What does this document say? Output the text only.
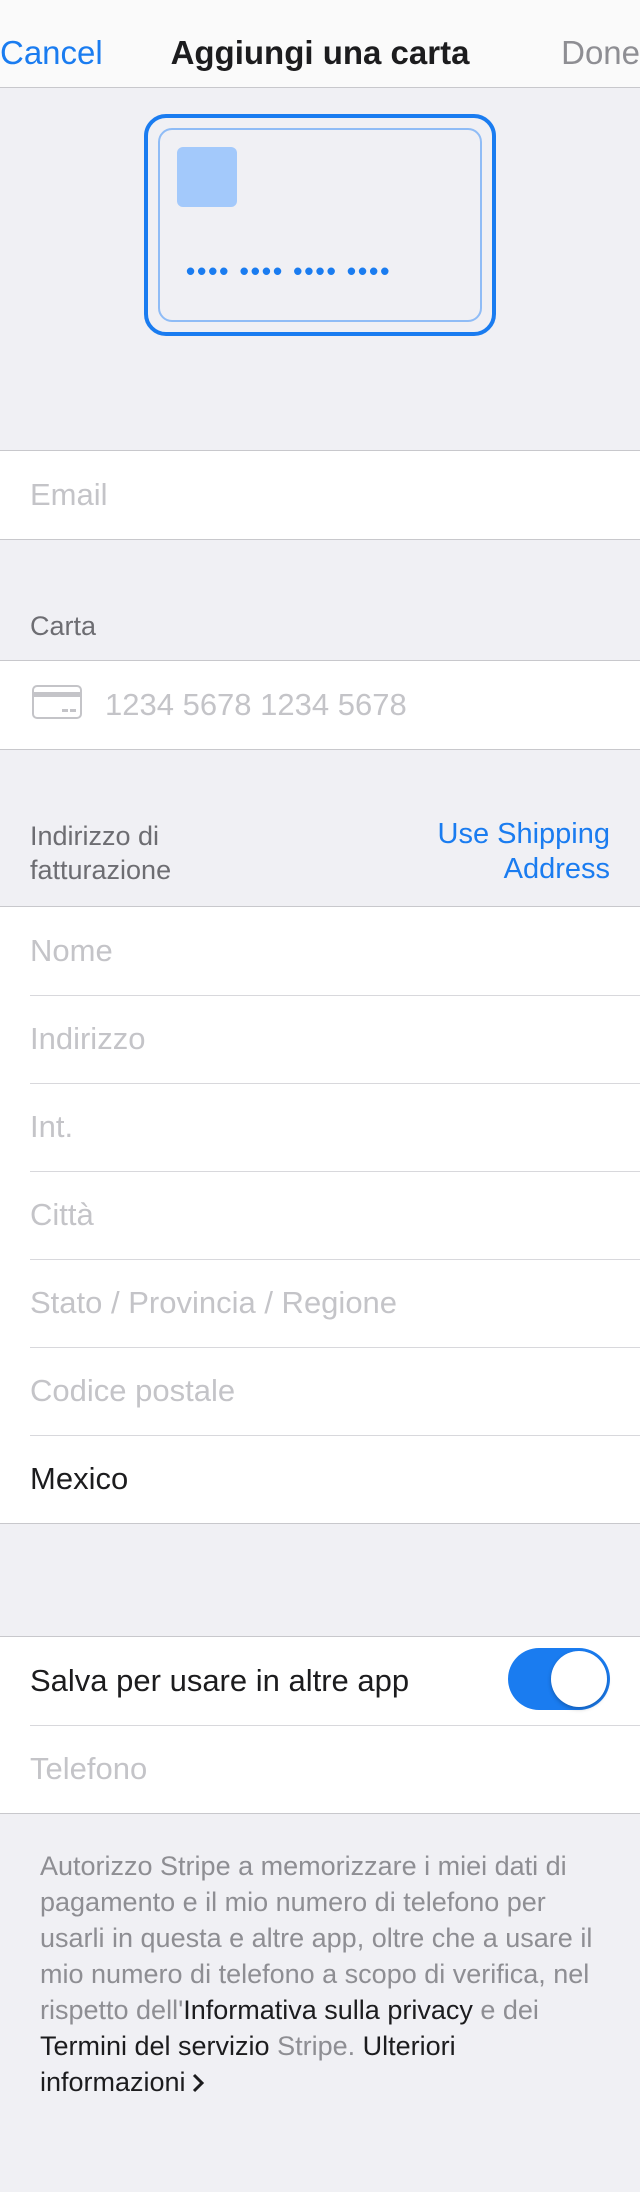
Aggiungi una carta
Cancel	Done
•••• •••• •••• ••••
Email
Carta
1234 5678 1234 5678
Indirizzo di
fatturazione
Use Shipping
Address
Nome
Indirizzo
Int.
Città
Stato / Provincia / Regione
Codice postale
Mexico
Salva per usare in altre app
Telefono
Autorizzo Stripe a memorizzare i miei dati di pagamento e il mio numero di telefono per usarli in questa e altre app, oltre che a usare il mio numero di telefono a scopo di verifica, nel rispetto dell'Informativa sulla privacy e dei Termini del servizio Stripe. Ulteriori informazioni
